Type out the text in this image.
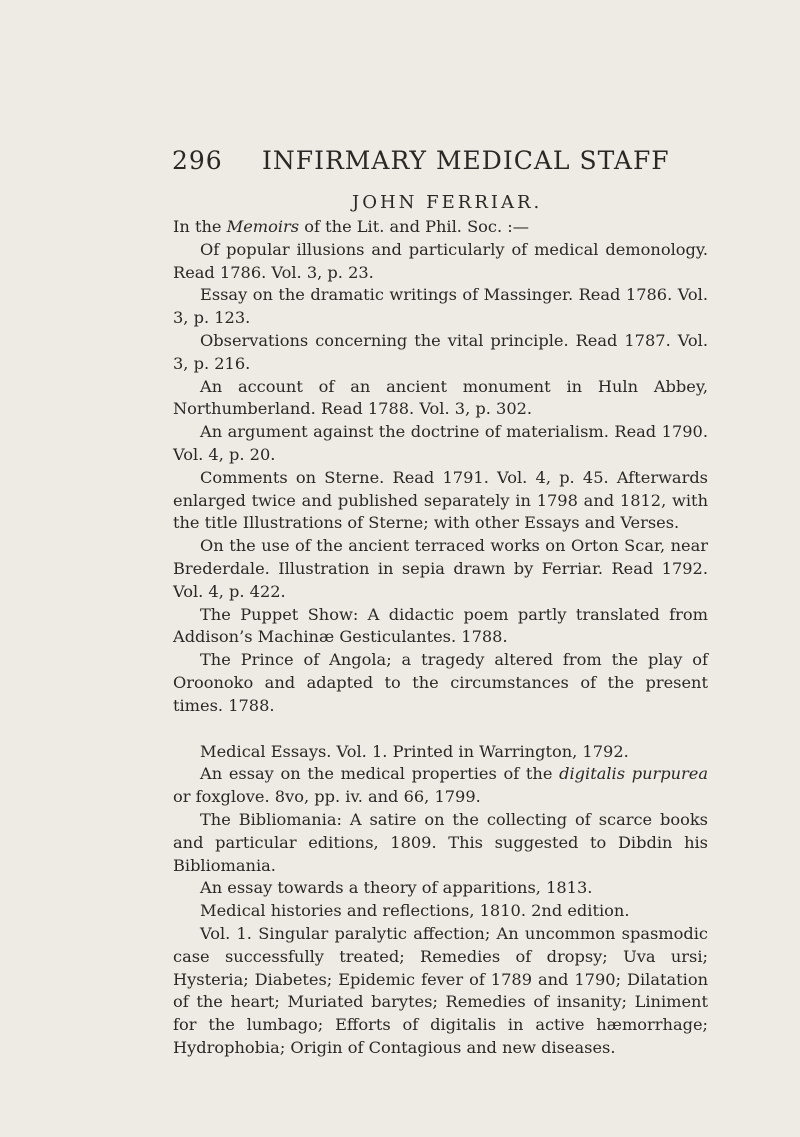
296 INFIRMARY MEDICAL STAFF
JOHN FERRIAR.

In the Memoirs of the Lit. and Phil. Soc. :—

Of popular illusions and particularly of medical demonology. Read 1786. Vol. 3, p. 23.

Essay on the dramatic writings of Massinger. Read 1786. Vol. 3, p. 123.

Observations concerning the vital principle. Read 1787. Vol. 3, p. 216.

An account of an ancient monument in Huln Abbey, Northumberland. Read 1788. Vol. 3, p. 302.

An argument against the doctrine of materialism. Read 1790. Vol. 4, p. 20.

Comments on Sterne. Read 1791. Vol. 4, p. 45. Afterwards enlarged twice and published separately in 1798 and 1812, with the title Illustrations of Sterne; with other Essays and Verses.

On the use of the ancient terraced works on Orton Scar, near Brederdale. Illustration in sepia drawn by Ferriar. Read 1792. Vol. 4, p. 422.

The Puppet Show: A didactic poem partly translated from Addison’s Machinæ Gesticulantes. 1788.

The Prince of Angola; a tragedy altered from the play of Oroonoko and adapted to the circumstances of the present times. 1788.

Medical Essays. Vol. 1. Printed in Warrington, 1792.

An essay on the medical properties of the digitalis purpurea or foxglove. 8vo, pp. iv. and 66, 1799.

The Bibliomania: A satire on the collecting of scarce books and particular editions, 1809. This suggested to Dibdin his Bibliomania.

An essay towards a theory of apparitions, 1813.

Medical histories and reflections, 1810. 2nd edition.

Vol. 1. Singular paralytic affection; An uncommon spasmodic case successfully treated; Remedies of dropsy; Uva ursi; Hysteria; Diabetes; Epidemic fever of 1789 and 1790; Dilatation of the heart; Muriated barytes; Remedies of insanity; Liniment for the lumbago; Efforts of digitalis in active hæmorrhage; Hydrophobia; Origin of Contagious and new diseases.
